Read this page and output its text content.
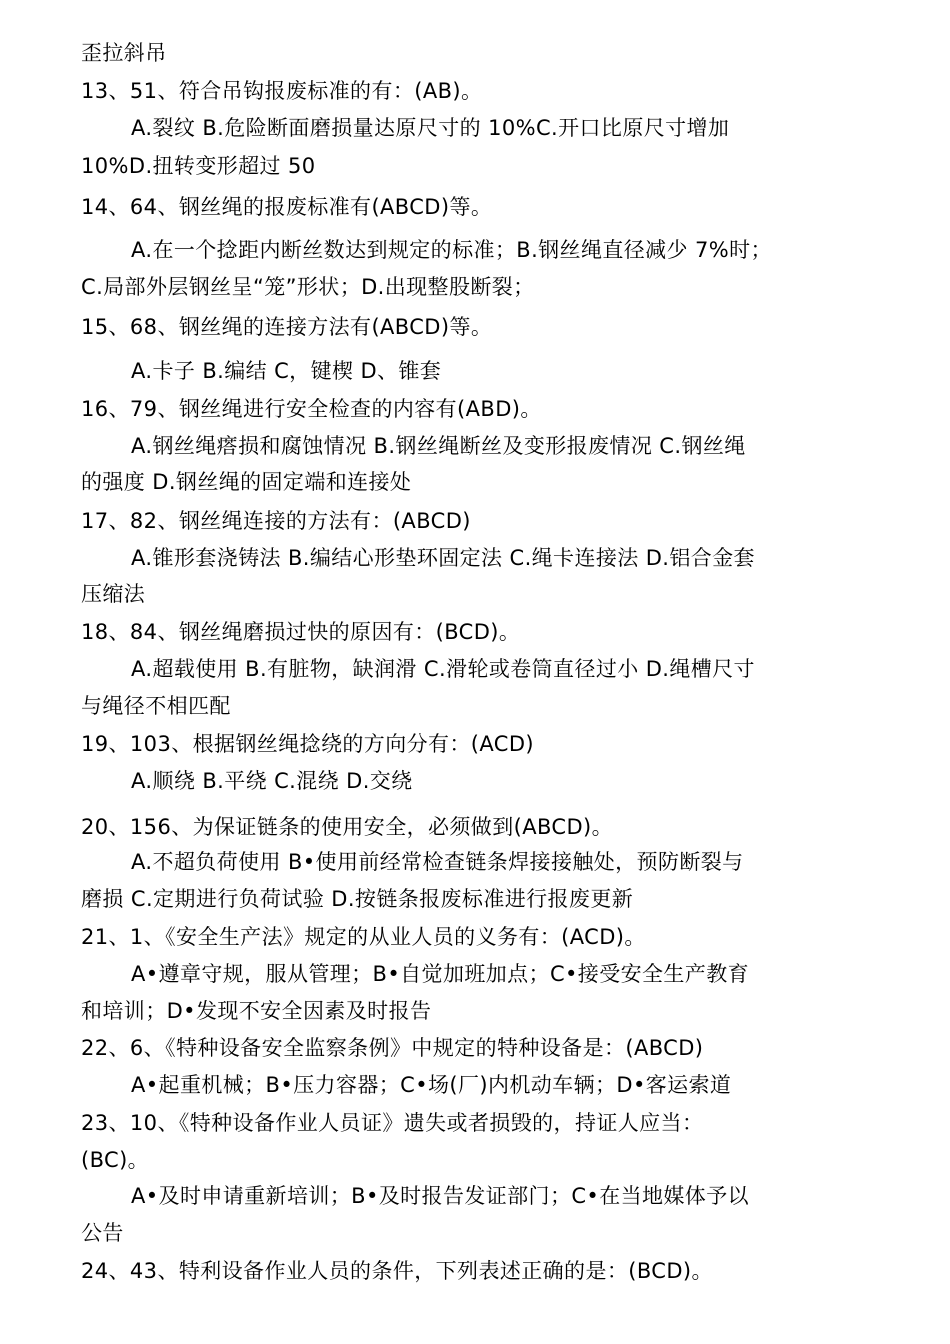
歪拉斜吊
13、51、符合吊钩报废标准的有：(AB)。
A.裂纹 B.危险断面磨损量达原尺寸的 10%C.开口比原尺寸增加
10%D.扭转变形超过 50
14、64、钢丝绳的报废标准有(ABCD)等。
A.在一个捻距内断丝数达到规定的标准；B.钢丝绳直径减少 7%时；
C.局部外层钢丝呈“笼”形状；D.出现整股断裂；
15、68、钢丝绳的连接方法有(ABCD)等。
A.卡子 B.编结 C，键楔 D、锥套
16、79、钢丝绳进行安全检查的内容有(ABD)。
A.钢丝绳瘩损和腐蚀情况 B.钢丝绳断丝及变形报废情况 C.钢丝绳
的强度 D.钢丝绳的固定端和连接处
17、82、钢丝绳连接的方法有：(ABCD)
A.锥形套浇铸法 B.编结心形垫环固定法 C.绳卡连接法 D.铝合金套
压缩法
18、84、钢丝绳磨损过快的原因有：(BCD)。
A.超载使用 B.有脏物，缺润滑 C.滑轮或卷筒直径过小 D.绳槽尺寸
与绳径不相匹配
19、103、根据钢丝绳捻绕的方向分有：(ACD)
A.顺绕 B.平绕 C.混绕 D.交绕
20、156、为保证链条的使用安全，必须做到(ABCD)。
A.不超负荷使用 B•使用前经常检查链条焊接接触处，预防断裂与
磨损 C.定期进行负荷试验 D.按链条报废标准进行报废更新
21、1、《安全生产法》规定的从业人员的义务有：(ACD)。
A•遵章守规，服从管理；B•自觉加班加点；C•接受安全生产教育
和培训；D•发现不安全因素及时报告
22、6、《特种设备安全监察条例》中规定的特种设备是：(ABCD)
A•起重机械；B•压力容器；C•场(厂)内机动车辆；D•客运索道
23、10、《特种设备作业人员证》遗失或者损毁的，持证人应当：
(BC)。
A•及时申请重新培训；B•及时报告发证部门；C•在当地媒体予以
公告
24、43、特利设备作业人员的条件，下列表述正确的是：(BCD)。
